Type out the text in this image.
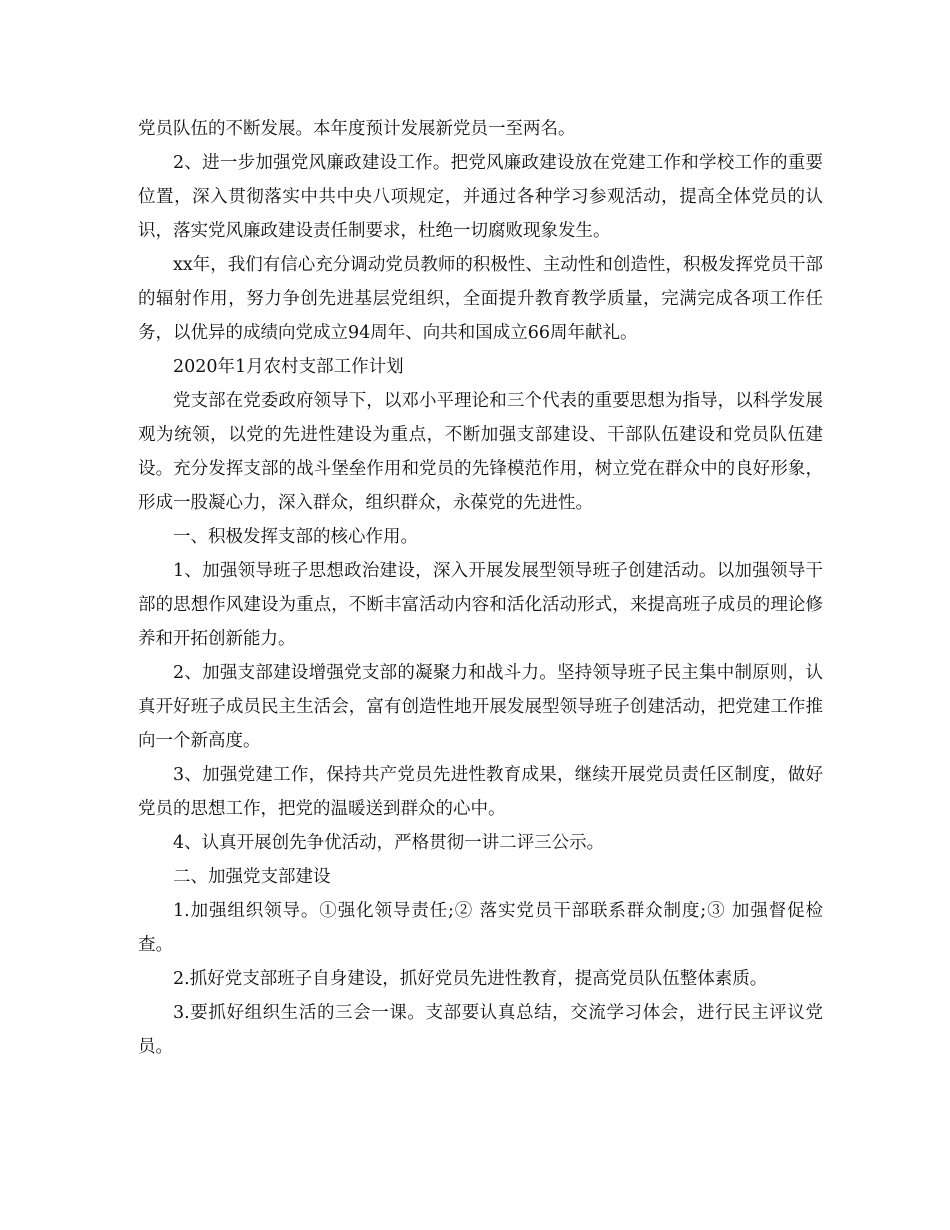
党员队伍的不断发展。本年度预计发展新党员一至两名。

2、进一步加强党风廉政建设工作。把党风廉政建设放在党建工作和学校工作的重要位置，深入贯彻落实中共中央八项规定，并通过各种学习参观活动，提高全体党员的认识，落实党风廉政建设责任制要求，杜绝一切腐败现象发生。

xx年，我们有信心充分调动党员教师的积极性、主动性和创造性，积极发挥党员干部的辐射作用，努力争创先进基层党组织，全面提升教育教学质量，完满完成各项工作任务，以优异的成绩向党成立94周年、向共和国成立66周年献礼。

2020年1月农村支部工作计划

党支部在党委政府领导下，以邓小平理论和三个代表的重要思想为指导，以科学发展观为统领，以党的先进性建设为重点，不断加强支部建设、干部队伍建设和党员队伍建设。充分发挥支部的战斗堡垒作用和党员的先锋模范作用，树立党在群众中的良好形象，形成一股凝心力，深入群众，组织群众，永葆党的先进性。

一、积极发挥支部的核心作用。

1、加强领导班子思想政治建设，深入开展发展型领导班子创建活动。以加强领导干部的思想作风建设为重点，不断丰富活动内容和活化活动形式，来提高班子成员的理论修养和开拓创新能力。

2、加强支部建设增强党支部的凝聚力和战斗力。坚持领导班子民主集中制原则，认真开好班子成员民主生活会，富有创造性地开展发展型领导班子创建活动，把党建工作推向一个新高度。

3、加强党建工作，保持共产党员先进性教育成果，继续开展党员责任区制度，做好党员的思想工作，把党的温暖送到群众的心中。

4、认真开展创先争优活动，严格贯彻一讲二评三公示。

二、加强党支部建设

1.加强组织领导。①强化领导责任;② 落实党员干部联系群众制度;③ 加强督促检查。

2.抓好党支部班子自身建设，抓好党员先进性教育，提高党员队伍整体素质。

3.要抓好组织生活的三会一课。支部要认真总结，交流学习体会，进行民主评议党员。
